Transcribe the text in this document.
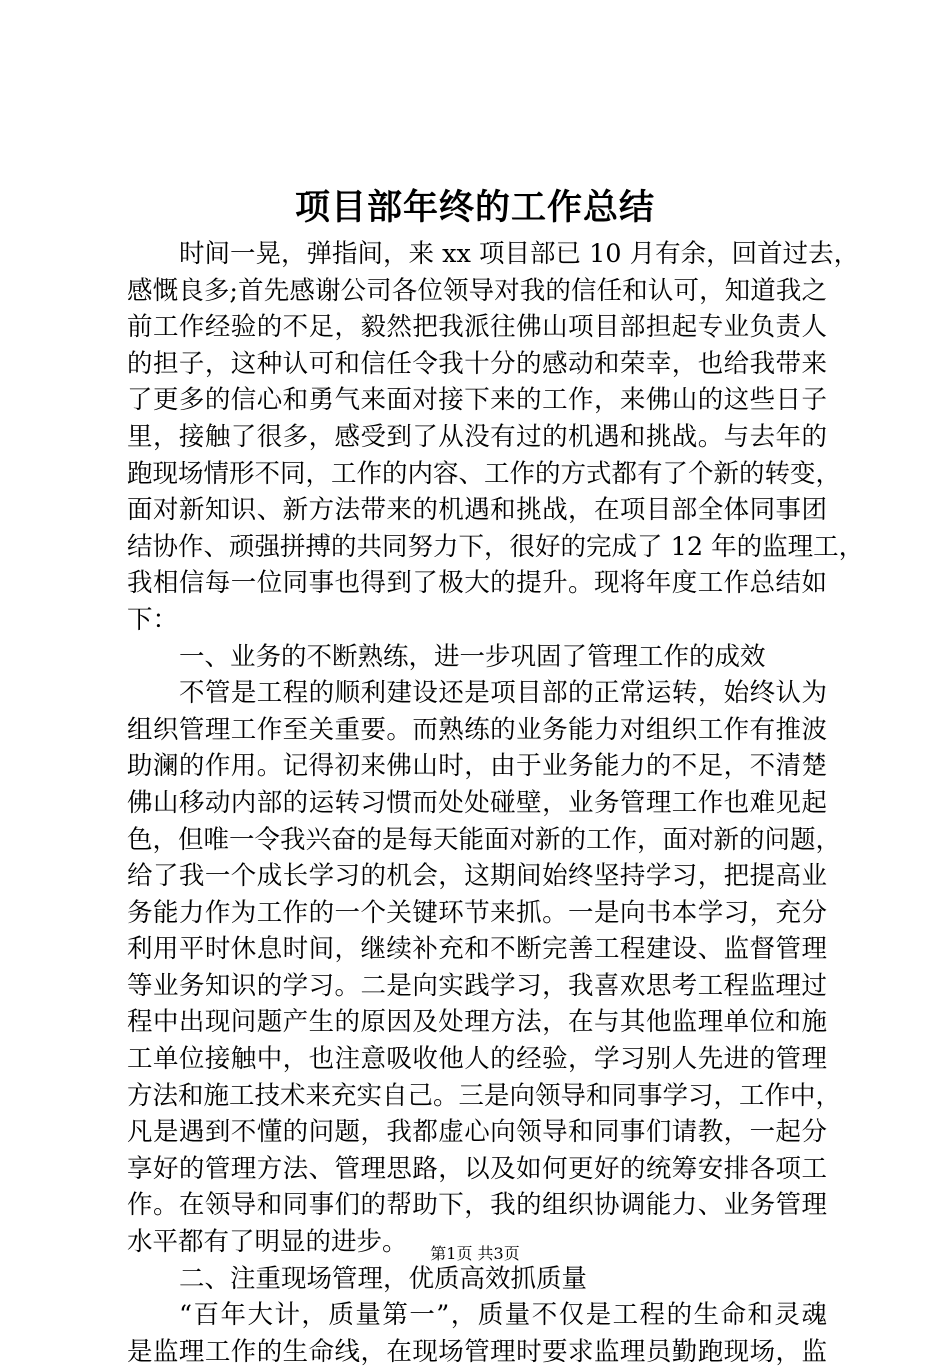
项目部年终的工作总结
时间一晃，弹指间，来 xx 项目部已 10 月有余，回首过去，
感慨良多;首先感谢公司各位领导对我的信任和认可，知道我之
前工作经验的不足，毅然把我派往佛山项目部担起专业负责人
的担子，这种认可和信任令我十分的感动和荣幸，也给我带来
了更多的信心和勇气来面对接下来的工作，来佛山的这些日子
里，接触了很多，感受到了从没有过的机遇和挑战。与去年的
跑现场情形不同，工作的内容、工作的方式都有了个新的转变，
面对新知识、新方法带来的机遇和挑战，在项目部全体同事团
结协作、顽强拼搏的共同努力下，很好的完成了 12 年的监理工，
我相信每一位同事也得到了极大的提升。现将年度工作总结如
下：
一、业务的不断熟练，进一步巩固了管理工作的成效
不管是工程的顺利建设还是项目部的正常运转，始终认为
组织管理工作至关重要。而熟练的业务能力对组织工作有推波
助澜的作用。记得初来佛山时，由于业务能力的不足，不清楚
佛山移动内部的运转习惯而处处碰壁，业务管理工作也难见起
色，但唯一令我兴奋的是每天能面对新的工作，面对新的问题，
给了我一个成长学习的机会，这期间始终坚持学习，把提高业
务能力作为工作的一个关键环节来抓。一是向书本学习，充分
利用平时休息时间，继续补充和不断完善工程建设、监督管理
等业务知识的学习。二是向实践学习，我喜欢思考工程监理过
程中出现问题产生的原因及处理方法，在与其他监理单位和施
工单位接触中，也注意吸收他人的经验，学习别人先进的管理
方法和施工技术来充实自己。三是向领导和同事学习，工作中，
凡是遇到不懂的问题，我都虚心向领导和同事们请教，一起分
享好的管理方法、管理思路，以及如何更好的统筹安排各项工
作。在领导和同事们的帮助下，我的组织协调能力、业务管理
水平都有了明显的进步。
二、注重现场管理，优质高效抓质量
“百年大计，质量第一”，质量不仅是工程的生命和灵魂
是监理工作的生命线，在现场管理时要求监理员勤跑现场，监
第1页 共3页
